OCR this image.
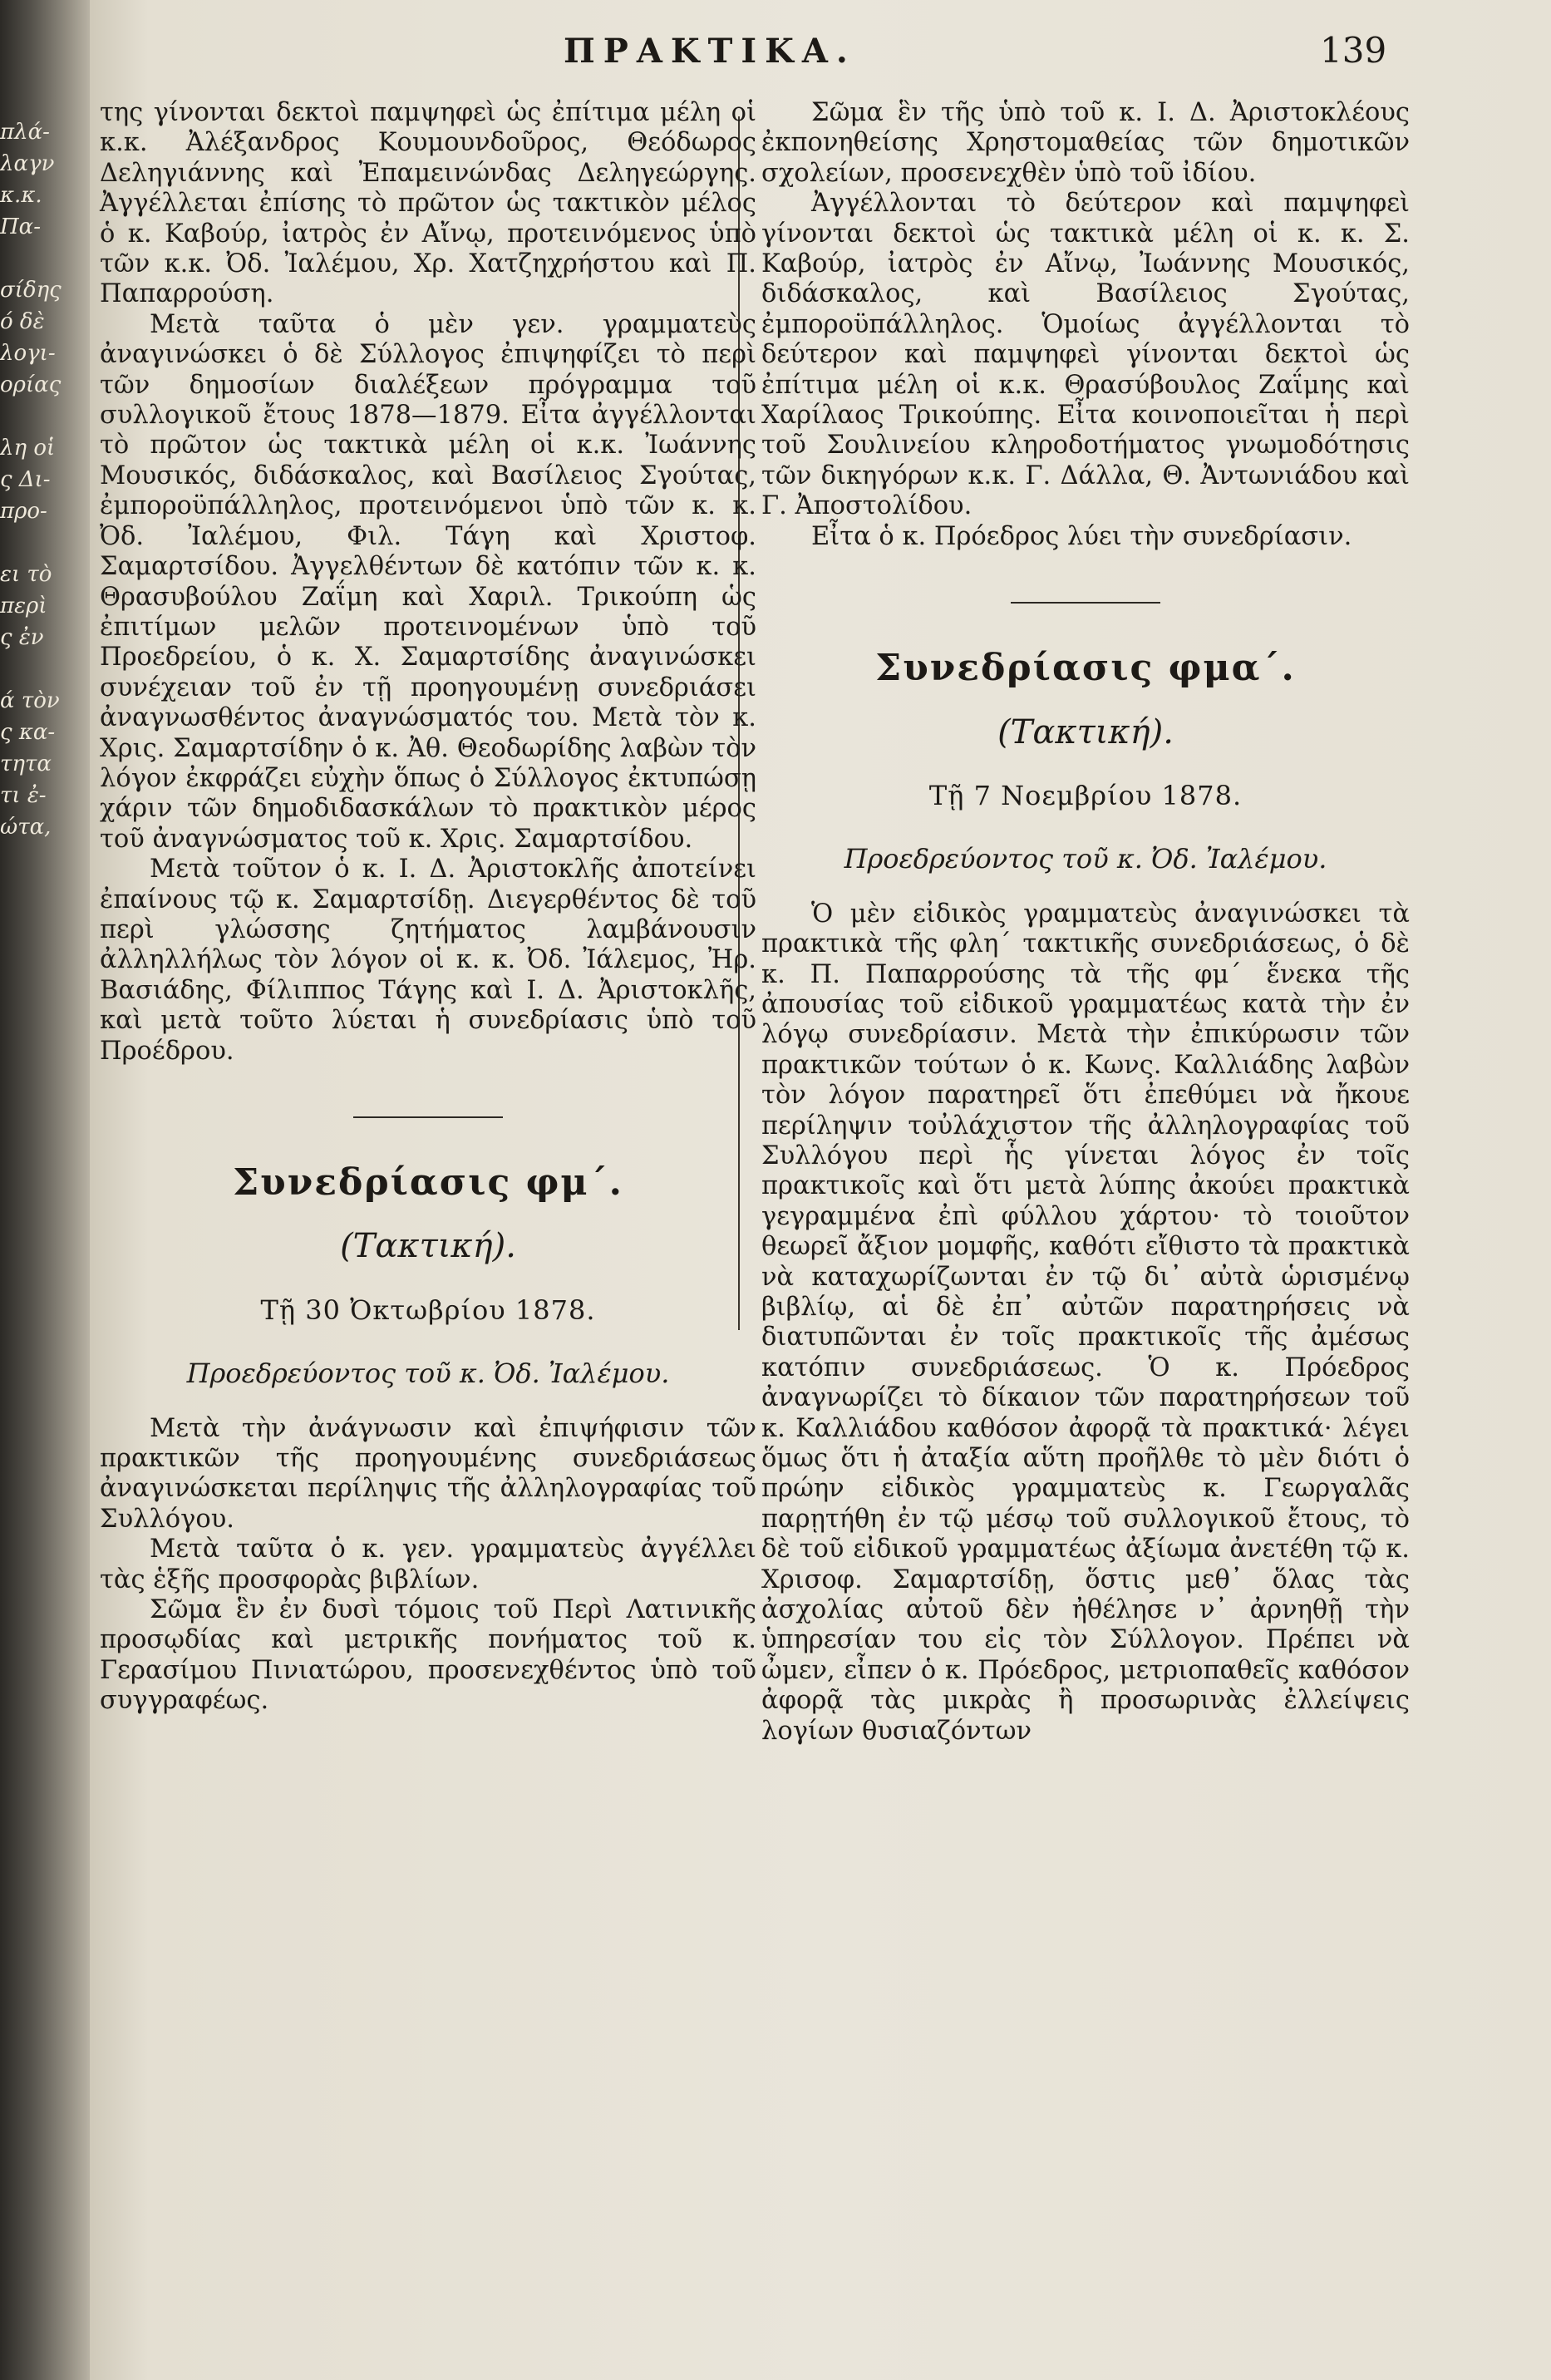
πλά-
λαγν
κ.κ.
Πα-

σίδης
ό δὲ
λογι-
ορίας

λη οἱ
ς Δι-
προ-

ει τὸ
περὶ
ς ἐν

ά τὸν
ς κα-
τητα
τι ἐ-
ώτα,
ΠΡΑΚΤΙΚΑ.	139

της γίνονται δεκτοὶ παμψηφεὶ ὡς ἐπίτιμα μέλη οἱ κ.κ. Ἀλέξανδρος Κουμουνδοῦρος, Θεόδωρος Δεληγιάννης καὶ Ἐπαμεινώνδας Δεληγεώργης. Ἀγγέλλεται ἐπίσης τὸ πρῶτον ὡς τακτικὸν μέλος ὁ κ. Καβούρ, ἰατρὸς ἐν Αἴνῳ, προτεινόμενος ὑπὸ τῶν κ.κ. Ὀδ. Ἰαλέμου, Χρ. Χατζηχρήστου καὶ Π. Παπαρρούση.

Μετὰ ταῦτα ὁ μὲν γεν. γραμματεὺς ἀναγινώσκει ὁ δὲ Σύλλογος ἐπιψηφίζει τὸ περὶ τῶν δημοσίων διαλέξεων πρόγραμμα τοῦ συλλογικοῦ ἔτους 1878—1879. Εἶτα ἀγγέλλονται τὸ πρῶτον ὡς τακτικὰ μέλη οἱ κ.κ. Ἰωάννης Μουσικός, διδάσκαλος, καὶ Βασίλειος Σγούτας, ἐμποροϋπάλληλος, προτεινόμενοι ὑπὸ τῶν κ. κ. Ὀδ. Ἰαλέμου, Φιλ. Τάγη καὶ Χριστοφ. Σαμαρτσίδου. Ἀγγελθέντων δὲ κατόπιν τῶν κ. κ. Θρασυβούλου Ζαΐμη καὶ Χαριλ. Τρικούπη ὡς ἐπιτίμων μελῶν προτεινομένων ὑπὸ τοῦ Προεδρείου, ὁ κ. Χ. Σαμαρτσίδης ἀναγινώσκει συνέχειαν τοῦ ἐν τῇ προηγουμένῃ συνεδριάσει ἀναγνωσθέντος ἀναγνώσματός του. Μετὰ τὸν κ. Χρις. Σαμαρτσίδην ὁ κ. Ἀθ. Θεοδωρίδης λαβὼν τὸν λόγον ἐκφράζει εὐχὴν ὅπως ὁ Σύλλογος ἐκτυπώσῃ χάριν τῶν δημοδιδασκάλων τὸ πρακτικὸν μέρος τοῦ ἀναγνώσματος τοῦ κ. Χρις. Σαμαρτσίδου.

Μετὰ τοῦτον ὁ κ. Ι. Δ. Ἀριστοκλῆς ἀποτείνει ἐπαίνους τῷ κ. Σαμαρτσίδῃ. Διεγερθέντος δὲ τοῦ περὶ γλώσσης ζητήματος λαμβάνουσιν ἀλληλλήλως τὸν λόγον οἱ κ. κ. Ὀδ. Ἰάλεμος, Ἠρ. Βασιάδης, Φίλιππος Τάγης καὶ Ι. Δ. Ἀριστοκλῆς, καὶ μετὰ τοῦτο λύεται ἡ συνεδρίασις ὑπὸ τοῦ Προέδρου.

Συνεδρίασις φμ΄.
(Τακτική).
Τῇ 30 Ὀκτωβρίου 1878.
Προεδρεύοντος τοῦ κ. Ὀδ. Ἰαλέμου.

Μετὰ τὴν ἀνάγνωσιν καὶ ἐπιψήφισιν τῶν πρακτικῶν τῆς προηγουμένης συνεδριάσεως ἀναγινώσκεται περίληψις τῆς ἀλληλογραφίας τοῦ Συλλόγου.

Μετὰ ταῦτα ὁ κ. γεν. γραμματεὺς ἀγγέλλει τὰς ἑξῆς προσφορὰς βιβλίων.

Σῶμα ἓν ἐν δυσὶ τόμοις τοῦ Περὶ Λατινικῆς προσῳδίας καὶ μετρικῆς πονήματος τοῦ κ. Γερασίμου Πινιατώρου, προσενεχθέντος ὑπὸ τοῦ συγγραφέως.

Σῶμα ἓν τῆς ὑπὸ τοῦ κ. Ι. Δ. Ἀριστοκλέους ἐκπονηθείσης Χρηστομαθείας τῶν δημοτικῶν σχολείων, προσενεχθὲν ὑπὸ τοῦ ἰδίου.

Ἀγγέλλονται τὸ δεύτερον καὶ παμψηφεὶ γίνονται δεκτοὶ ὡς τακτικὰ μέλη οἱ κ. κ. Σ. Καβούρ, ἰατρὸς ἐν Αἴνῳ, Ἰωάννης Μουσικός, διδάσκαλος, καὶ Βασίλειος Σγούτας, ἐμποροϋπάλληλος. Ὁμοίως ἀγγέλλονται τὸ δεύτερον καὶ παμψηφεὶ γίνονται δεκτοὶ ὡς ἐπίτιμα μέλη οἱ κ.κ. Θρασύβουλος Ζαΐμης καὶ Χαρίλαος Τρικούπης. Εἶτα κοινοποιεῖται ἡ περὶ τοῦ Σουλινείου κληροδοτήματος γνωμοδότησις τῶν δικηγόρων κ.κ. Γ. Δάλλα, Θ. Ἀντωνιάδου καὶ Γ. Ἀποστολίδου.

Εἶτα ὁ κ. Πρόεδρος λύει τὴν συνεδρίασιν.

Συνεδρίασις φμα΄.
(Τακτική).
Τῇ 7 Νοεμβρίου 1878.
Προεδρεύοντος τοῦ κ. Ὀδ. Ἰαλέμου.

Ὁ μὲν εἰδικὸς γραμματεὺς ἀναγινώσκει τὰ πρακτικὰ τῆς φλη΄ τακτικῆς συνεδριάσεως, ὁ δὲ κ. Π. Παπαρρούσης τὰ τῆς φμ΄ ἕνεκα τῆς ἀπουσίας τοῦ εἰδικοῦ γραμματέως κατὰ τὴν ἐν λόγῳ συνεδρίασιν. Μετὰ τὴν ἐπικύρωσιν τῶν πρακτικῶν τούτων ὁ κ. Κωνς. Καλλιάδης λαβὼν τὸν λόγον παρατηρεῖ ὅτι ἐπεθύμει νὰ ἤκουε περίληψιν τοὐλάχιστον τῆς ἀλληλογραφίας τοῦ Συλλόγου περὶ ἧς γίνεται λόγος ἐν τοῖς πρακτικοῖς καὶ ὅτι μετὰ λύπης ἀκούει πρακτικὰ γεγραμμένα ἐπὶ φύλλου χάρτου· τὸ τοιοῦτον θεωρεῖ ἄξιον μομφῆς, καθότι εἴθιστο τὰ πρακτικὰ νὰ καταχωρίζωνται ἐν τῷ δι᾽ αὐτὰ ὡρισμένῳ βιβλίῳ, αἱ δὲ ἐπ᾽ αὐτῶν παρατηρήσεις νὰ διατυπῶνται ἐν τοῖς πρακτικοῖς τῆς ἀμέσως κατόπιν συνεδριάσεως. Ὁ κ. Πρόεδρος ἀναγνωρίζει τὸ δίκαιον τῶν παρατηρήσεων τοῦ κ. Καλλιάδου καθόσον ἀφορᾷ τὰ πρακτικά· λέγει ὅμως ὅτι ἡ ἀταξία αὕτη προῆλθε τὸ μὲν διότι ὁ πρώην εἰδικὸς γραμματεὺς κ. Γεωργαλᾶς παρῃτήθη ἐν τῷ μέσῳ τοῦ συλλογικοῦ ἔτους, τὸ δὲ τοῦ εἰδικοῦ γραμματέως ἀξίωμα ἀνετέθη τῷ κ. Χρισοφ. Σαμαρτσίδῃ, ὅστις μεθ᾽ ὅλας τὰς ἀσχολίας αὐτοῦ δὲν ἠθέλησε ν᾽ ἀρνηθῇ τὴν ὑπηρεσίαν του εἰς τὸν Σύλλογον. Πρέπει νὰ ὦμεν, εἶπεν ὁ κ. Πρόεδρος, μετριοπαθεῖς καθόσον ἀφορᾷ τὰς μικρὰς ἢ προσωρινὰς ἐλλείψεις λογίων θυσιαζόντων
